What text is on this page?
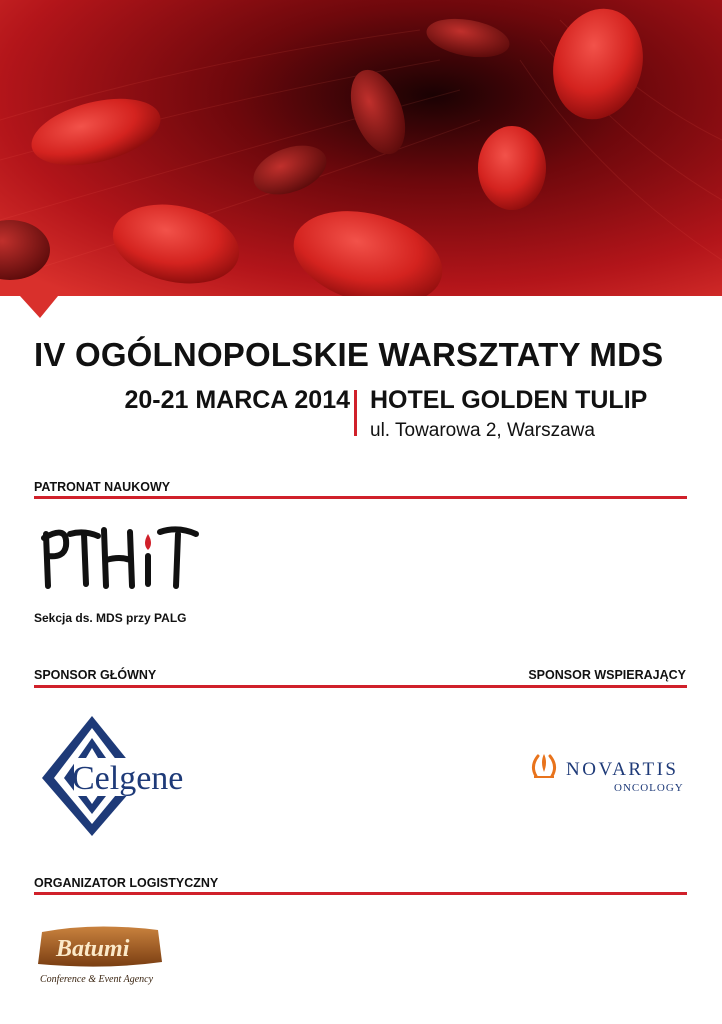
IV OGÓLNOPOLSKIE WARSZTATY MDS
20-21 MARCA 2014 HOTEL GOLDEN TULIP
ul. Towarowa 2, Warszawa
PATRONAT NAUKOWY
Sekcja ds. MDS przy PALG
SPONSOR GŁÓWNY	SPONSOR WSPIERAJĄCY
Celgene	NOVARTIS
ONCOLOGY
ORGANIZATOR LOGISTYCZNY
Batumi
Conference & Event Agency
